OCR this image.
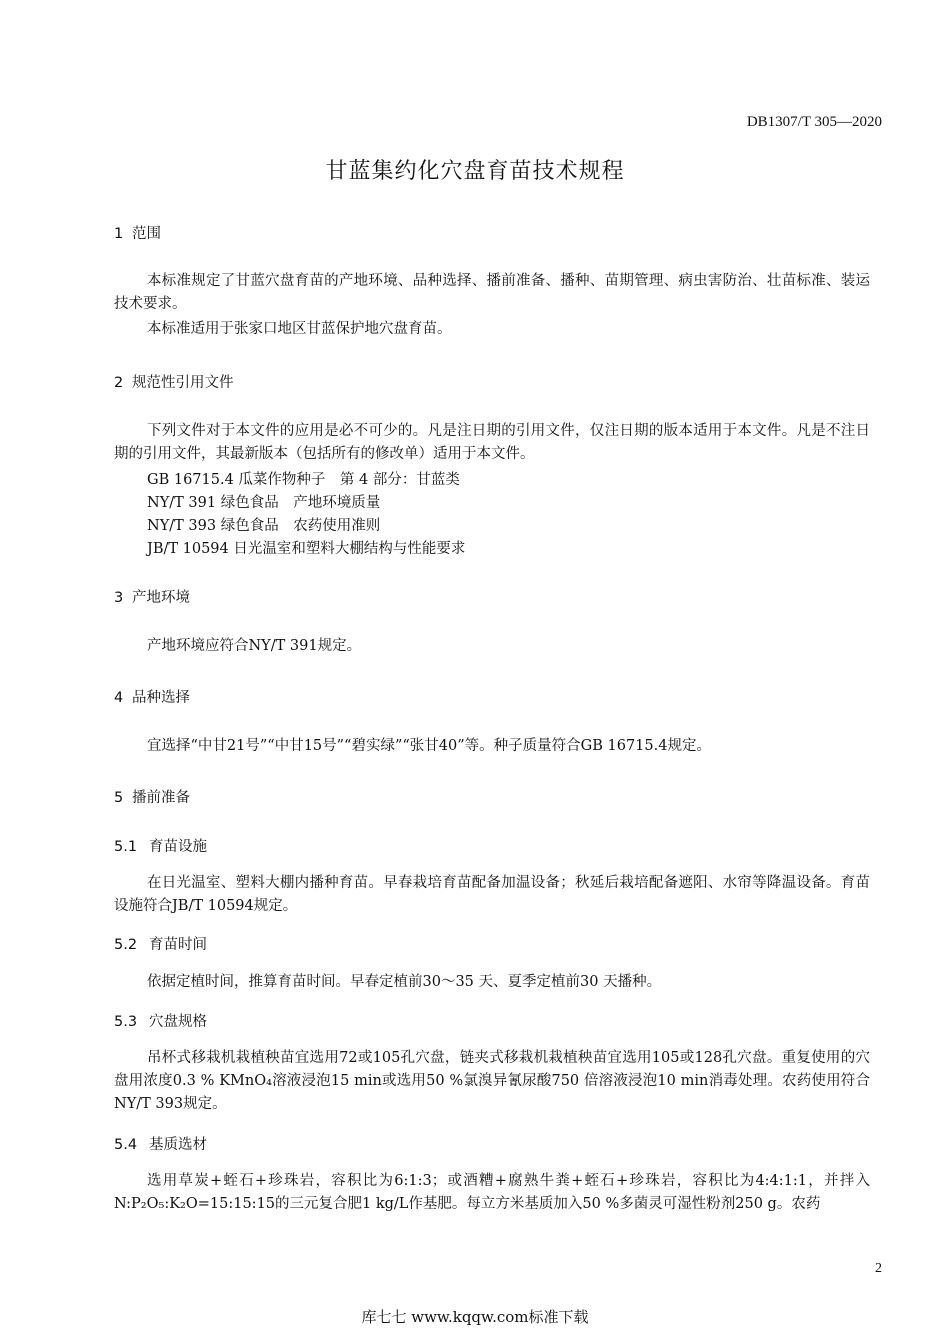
DB1307/T 305—2020
甘蓝集约化穴盘育苗技术规程
1 范围
本标准规定了甘蓝穴盘育苗的产地环境、品种选择、播前准备、播种、苗期管理、病虫害防治、壮苗标准、装运技术要求。
本标准适用于张家口地区甘蓝保护地穴盘育苗。
2 规范性引用文件
下列文件对于本文件的应用是必不可少的。凡是注日期的引用文件，仅注日期的版本适用于本文件。凡是不注日期的引用文件，其最新版本（包括所有的修改单）适用于本文件。
GB 16715.4 瓜菜作物种子　第 4 部分：甘蓝类
NY/T 391 绿色食品　产地环境质量
NY/T 393 绿色食品　农药使用准则
JB/T 10594 日光温室和塑料大棚结构与性能要求
3 产地环境
产地环境应符合NY/T 391规定。
4 品种选择
宜选择“中甘21号”“中甘15号”“碧实绿”“张甘40”等。种子质量符合GB 16715.4规定。
5 播前准备
5.1 育苗设施
在日光温室、塑料大棚内播种育苗。早春栽培育苗配备加温设备；秋延后栽培配备遮阳、水帘等降温设备。育苗设施符合JB/T 10594规定。
5.2 育苗时间
依据定植时间，推算育苗时间。早春定植前30～35 天、夏季定植前30 天播种。
5.3 穴盘规格
吊杯式移栽机栽植秧苗宜选用72或105孔穴盘，链夹式移栽机栽植秧苗宜选用105或128孔穴盘。重复使用的穴盘用浓度0.3 % KMnO₄溶液浸泡15 min或选用50 %氯溴异氰尿酸750 倍溶液浸泡10 min消毒处理。农药使用符合NY/T 393规定。
5.4 基质选材
选用草炭+蛭石+珍珠岩，容积比为6:1:3；或酒糟+腐熟牛粪+蛭石+珍珠岩，容积比为4:4:1:1，并拌入N:P₂O₅:K₂O=15:15:15的三元复合肥1 kg/L作基肥。每立方米基质加入50 %多菌灵可湿性粉剂250 g。农药
2
库七七 www.kqqw.com标准下载
